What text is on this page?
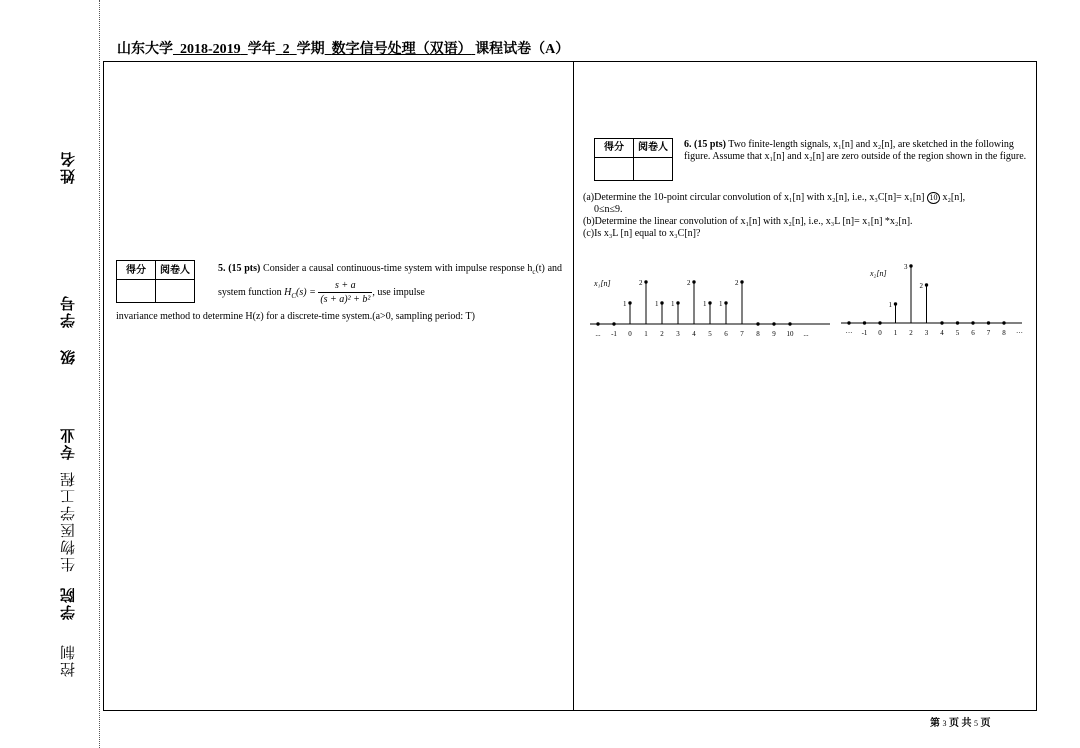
姓名
学号
级
专业
生物医学工程
学院
控制
山东大学 2018-2019 学年 2 学期 数字信号处理（双语） 课程试卷（A）
得分	阅卷人
		5. (15 pts) Consider a causal continuous-time system with impulse response $h_c(t)$ and system function $H_C(s) = \frac{s + a}{\text{(s + a)² + b²}}$ , use impulse
invariance method to determine H(z) for a discrete-time system.(a>0, sampling period: T)
得分	阅卷人
	6. (15 pts) Two finite-length signals, x₁[n] and x₂[n], are sketched in the following figure. Assume that x₁[n] and x₂[n] are zero outside of the region shown in the figure.
(a)Determine the 10-point circular convolution of x₁[n] with x₂[n], i.e., x₃C[n]= x₁[n] 10 x₂[n],
0≤n≤9.
(b)Determine the linear convolution of x₁[n] with x₂[n], i.e., x₃L [n]= x₁[n] *x₂[n].
(c)Is x₃L [n] equal to x₃C[n]?
x₁[n]
1
2
1 1
2
1 1
2
... -1 0 1 2 3 4 5 6 7 8 9 10 ...
x₂[n]
1
3
2
··· -1 0 1 2 3 4 5 6 7 8 ···
第 3 页 共 5 页
